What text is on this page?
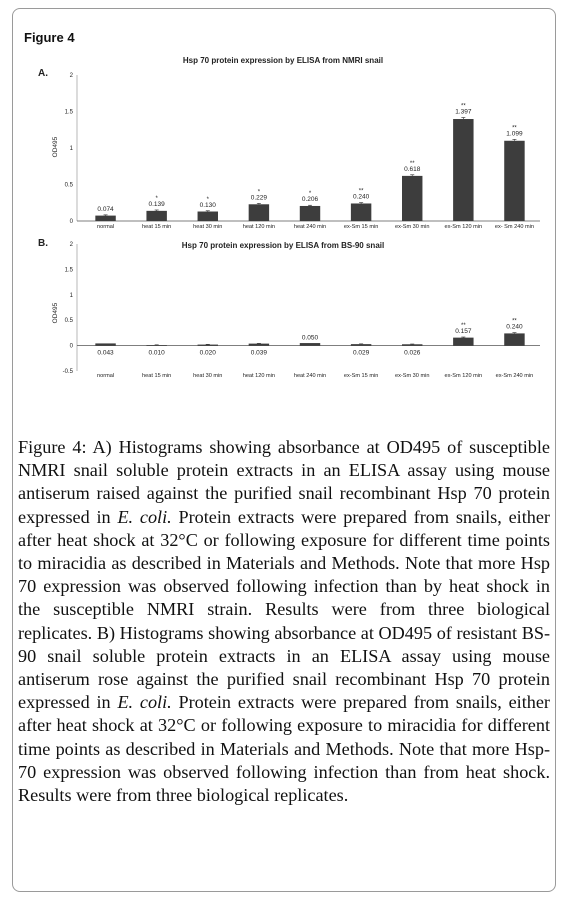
Figure 4
A.
Hsp 70 protein expression by ELISA from NMRI snail
OD495
0
0.5
1
1.5
2
0.074
normal
0.139
*
heat 15 min
0.130
*
heat 30 min
0.229
*
heat 120 min
0.206
*
heat 240 min
0.240
**
ex-Sm 15 min
0.618
**
ex-Sm 30 min
1.397
**
ex-Sm 120 min
1.099
**
ex- Sm 240 min
B.	Hsp 70 protein expression by ELISA from BS-90 snail
OD495
-0.5
0
0.5
1
1.5
2
0.043
normal
0.010
heat 15 min
0.020
heat 30 min
0.039
heat 120 min
0.050
heat 240 min
0.029
ex-Sm 15 min
0.026
ex-Sm 30 min
0.157
**
ex-Sm 120 min
0.240
**
ex-Sm 240 min

Figure 4: A) Histograms showing absorbance at OD495 of susceptible NMRI snail soluble protein extracts in an ELISA assay using mouse antiserum raised against the purified snail recombinant Hsp 70 protein expressed in E. coli. Protein extracts were prepared from snails, either after heat shock at 32°C or following exposure for different time points to miracidia as described in Materials and Methods. Note that more Hsp 70 expression was observed following infection than by heat shock in the susceptible NMRI strain. Results were from three biological replicates. B) Histograms showing absorbance at OD495 of resistant BS-90 snail soluble protein extracts in an ELISA assay using mouse antiserum rose against the purified snail recombinant Hsp 70 protein expressed in E. coli. Protein extracts were prepared from snails, either after heat shock at 32°C or following exposure to miracidia for different time points as described in Materials and Methods. Note that more Hsp-70 expression was observed following infection than from heat shock. Results were from three biological replicates.
